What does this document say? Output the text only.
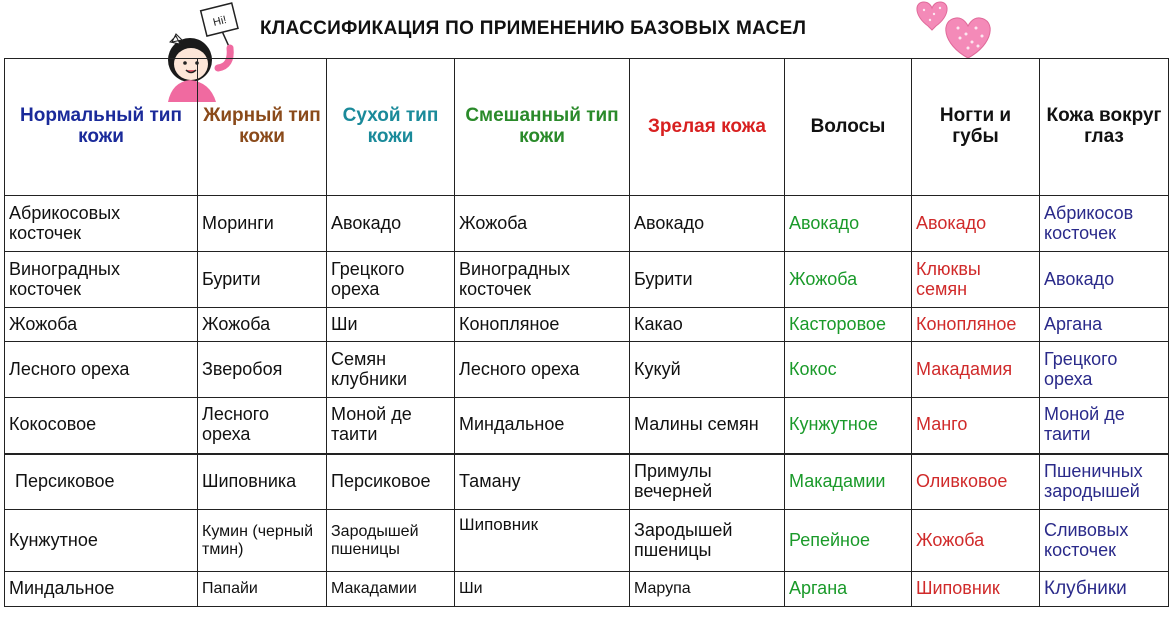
Hi! КЛАССИФИКАЦИЯ ПО ПРИМЕНЕНИЮ БАЗОВЫХ МАСЕЛ
Нормальный тип кожи	Жирный тип кожи	Сухой тип кожи	Смешанный тип кожи	Зрелая кожа	Волосы	Ногти и губы	Кожа вокруг глаз
Абрикосовых косточек	Моринги	Авокадо	Жожоба	Авокадо	Авокадо	Авокадо	Абрикосов косточек
Виноградных косточек	Бурити	Грецкого ореха	Виноградных косточек	Бурити	Жожоба	Клюквы семян	Авокадо
Жожоба	Жожоба	Ши	Конопляное	Какао	Касторовое	Конопляное	Аргана
Лесного ореха	Зверобоя	Семян клубники	Лесного ореха	Кукуй	Кокос	Макадамия	Грецкого ореха
Кокосовое	Лесного ореха	Моной де таити	Миндальное	Малины семян	Кунжутное	Манго	Моной де таити
Персиковое	Шиповника	Персиковое	Таману	Примулы вечерней	Макадамии	Оливковое	Пшеничных зародышей
Кунжутное	Кумин (черный тмин)	Зародышей пшеницы	Шиповник	Зародышей пшеницы	Репейное	Жожоба	Сливовых косточек
Миндальное	Папайи	Макадамии	Ши	Марупа	Аргана	Шиповник	Клубники
